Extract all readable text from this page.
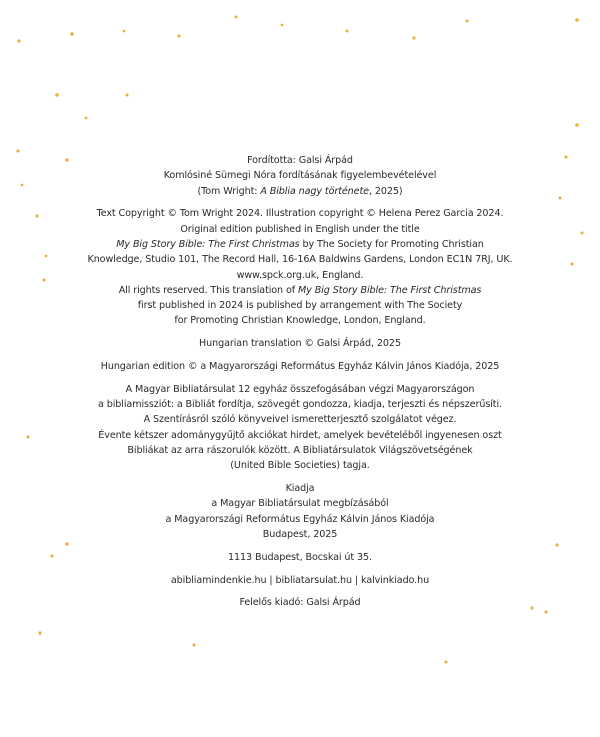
Fordította: Galsi Árpád
Komlósiné Sümegi Nóra fordításának figyelembevételével
(Tom Wright: A Biblia nagy története, 2025)
Text Copyright © Tom Wright 2024. Illustration copyright © Helena Perez Garcia 2024.
Original edition published in English under the title
My Big Story Bible: The First Christmas by The Society for Promoting Christian
Knowledge, Studio 101, The Record Hall, 16-16A Baldwins Gardens, London EC1N 7RJ, UK.
www.spck.org.uk, England.
All rights reserved. This translation of My Big Story Bible: The First Christmas
first published in 2024 is published by arrangement with The Society
for Promoting Christian Knowledge, London, England.
Hungarian translation © Galsi Árpád, 2025
Hungarian edition © a Magyarországi Református Egyház Kálvin János Kiadója, 2025
A Magyar Bibliatársulat 12 egyház összefogásában végzi Magyarországon
a bibliamissziót: a Bibliát fordítja, szövegét gondozza, kiadja, terjeszti és népszerűsíti.
A Szentírásról szóló könyveivel ismeretterjesztő szolgálatot végez.
Évente kétszer adománygyűjtő akciókat hirdet, amelyek bevételéből ingyenesen oszt
Bibliákat az arra rászorulók között. A Bibliatársulatok Világszövetségének
(United Bible Societies) tagja.
Kiadja
a Magyar Bibliatársulat megbízásából
a Magyarországi Református Egyház Kálvin János Kiadója
Budapest, 2025
1113 Budapest, Bocskai út 35.
abibliamindenkie.hu | bibliatarsulat.hu | kalvinkiado.hu
Felelős kiadó: Galsi Árpád
